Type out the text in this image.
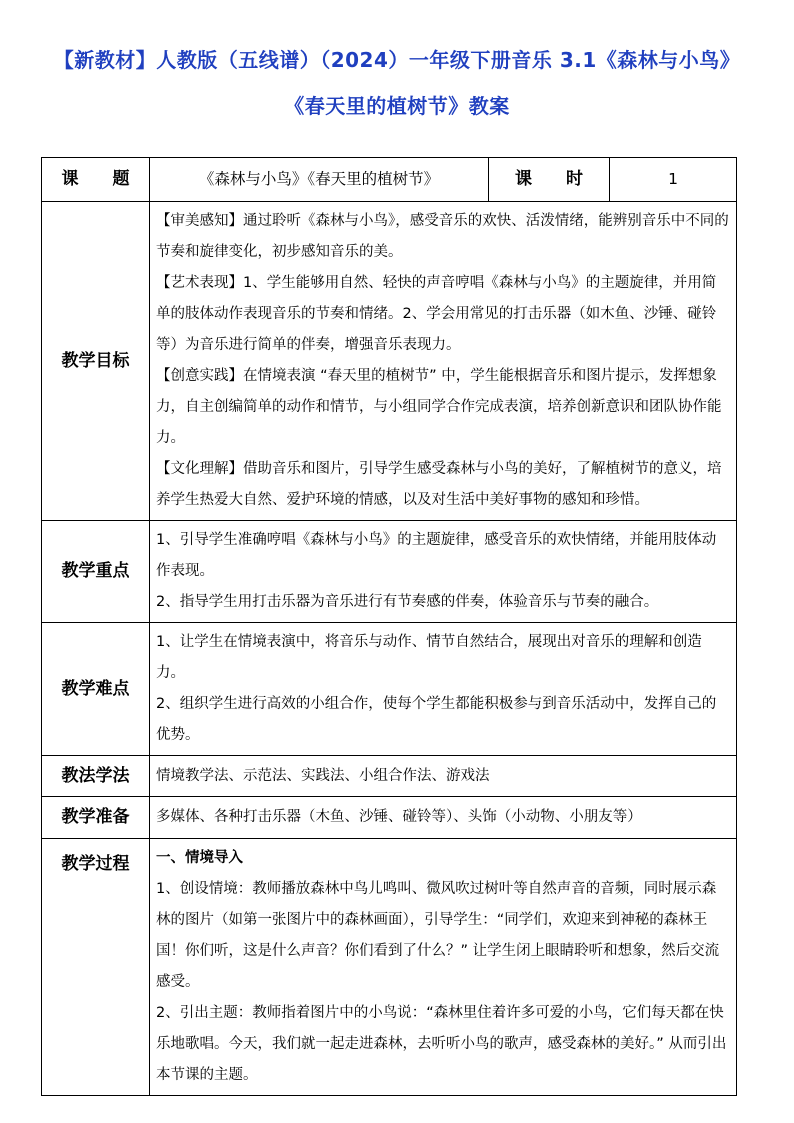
【新教材】人教版（五线谱）（2024）一年级下册音乐 3.1《森林与小鸟》
《春天里的植树节》教案
课　　题	《森林与小鸟》《春天里的植树节》	课　　时	1
教学目标	【审美感知】通过聆听《森林与小鸟》，感受音乐的欢快、活泼情绪，能辨别音乐中不同的节奏和旋律变化，初步感知音乐的美。

【艺术表现】1、学生能够用自然、轻快的声音哼唱《森林与小鸟》的主题旋律，并用简单的肢体动作表现音乐的节奏和情绪。2、学会用常见的打击乐器（如木鱼、沙锤、碰铃等）为音乐进行简单的伴奏，增强音乐表现力。

【创意实践】在情境表演 “春天里的植树节” 中，学生能根据音乐和图片提示，发挥想象力，自主创编简单的动作和情节，与小组同学合作完成表演，培养创新意识和团队协作能力。

【文化理解】借助音乐和图片，引导学生感受森林与小鸟的美好，了解植树节的意义，培养学生热爱大自然、爱护环境的情感，以及对生活中美好事物的感知和珍惜。		

教学重点	1、引导学生准确哼唱《森林与小鸟》的主题旋律，感受音乐的欢快情绪，并能用肢体动作表现。

2、指导学生用打击乐器为音乐进行有节奏感的伴奏，体验音乐与节奏的融合。		

教学难点	1、让学生在情境表演中，将音乐与动作、情节自然结合，展现出对音乐的理解和创造力。

2、组织学生进行高效的小组合作，使每个学生都能积极参与到音乐活动中，发挥自己的优势。		

教法学法	情境教学法、示范法、实践法、小组合作法、游戏法		
教学准备	多媒体、各种打击乐器（木鱼、沙锤、碰铃等）、头饰（小动物、小朋友等）		
教学过程	一、情境导入

1、创设情境：教师播放森林中鸟儿鸣叫、微风吹过树叶等自然声音的音频，同时展示森林的图片（如第一张图片中的森林画面），引导学生：“同学们，欢迎来到神秘的森林王国！你们听，这是什么声音？你们看到了什么？” 让学生闭上眼睛聆听和想象，然后交流感受。

2、引出主题：教师指着图片中的小鸟说：“森林里住着许多可爱的小鸟，它们每天都在快乐地歌唱。今天，我们就一起走进森林，去听听小鸟的歌声，感受森林的美好。” 从而引出本节课的主题。		
